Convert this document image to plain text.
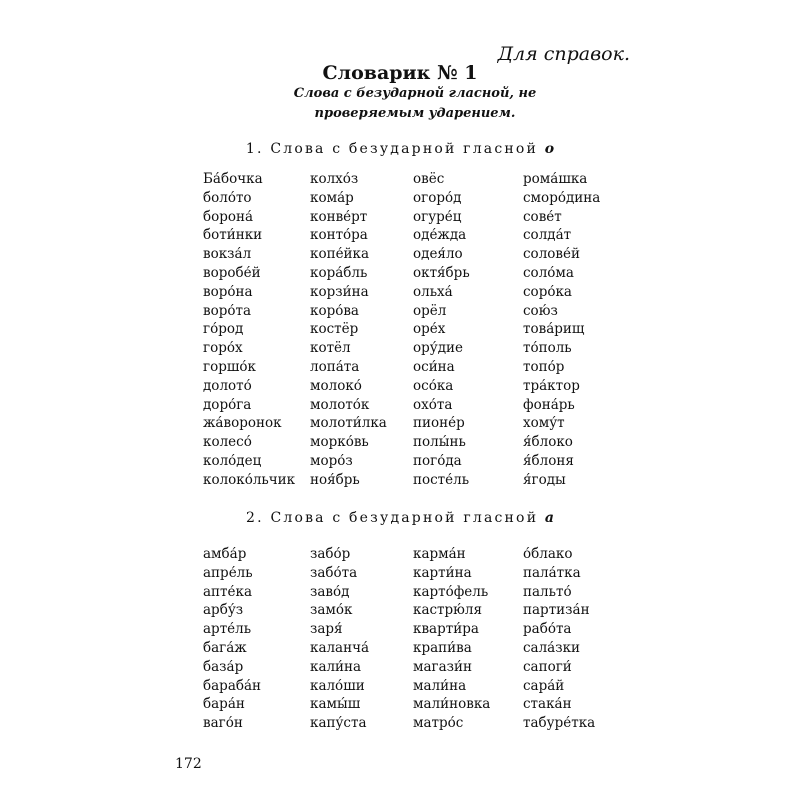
Для справок.
Словарик № 1
Слова с безударной гласной, не проверяемым ударением.
1. Слова с безударной гласной о
Ба́бочка
боло́то
борона́
боти́нки
вокза́л
воробе́й
воро́на
воро́та
го́род
горо́х
горшо́к
долото́
доро́га
жа́воронок
колесо́
коло́дец
колоко́льчик
колхо́з
кома́р
конве́рт
конто́ра
копе́йка
кора́бль
корзи́на
коро́ва
костёр
котёл
лопа́та
молоко́
молото́к
молоти́лка
морко́вь
моро́з
ноя́брь
овёс
огоро́д
огуре́ц
оде́жда
одея́ло
октя́брь
ольха́
орёл
оре́х
ору́дие
оси́на
осо́ка
охо́та
пионе́р
полы́нь
пого́да
посте́ль
рома́шка
сморо́дина
сове́т
солда́т
солове́й
соло́ма
соро́ка
сою́з
това́рищ
то́поль
топо́р
тра́ктор
фона́рь
хому́т
я́блоко
я́блоня
я́годы
2. Слова с безударной гласной а
амба́р
апре́ль
апте́ка
арбу́з
арте́ль
бага́ж
база́р
бараба́н
бара́н
ваго́н
забо́р
забо́та
заво́д
замо́к
заря́
каланча́
кали́на
кало́ши
камы́ш
капу́ста
карма́н
карти́на
карто́фель
кастрю́ля
кварти́ра
крапи́ва
магази́н
мали́на
мали́новка
матро́с
о́блако
пала́тка
пальто́
партиза́н
рабо́та
сала́зки
сапоги́
сара́й
стака́н
табуре́тка
172
